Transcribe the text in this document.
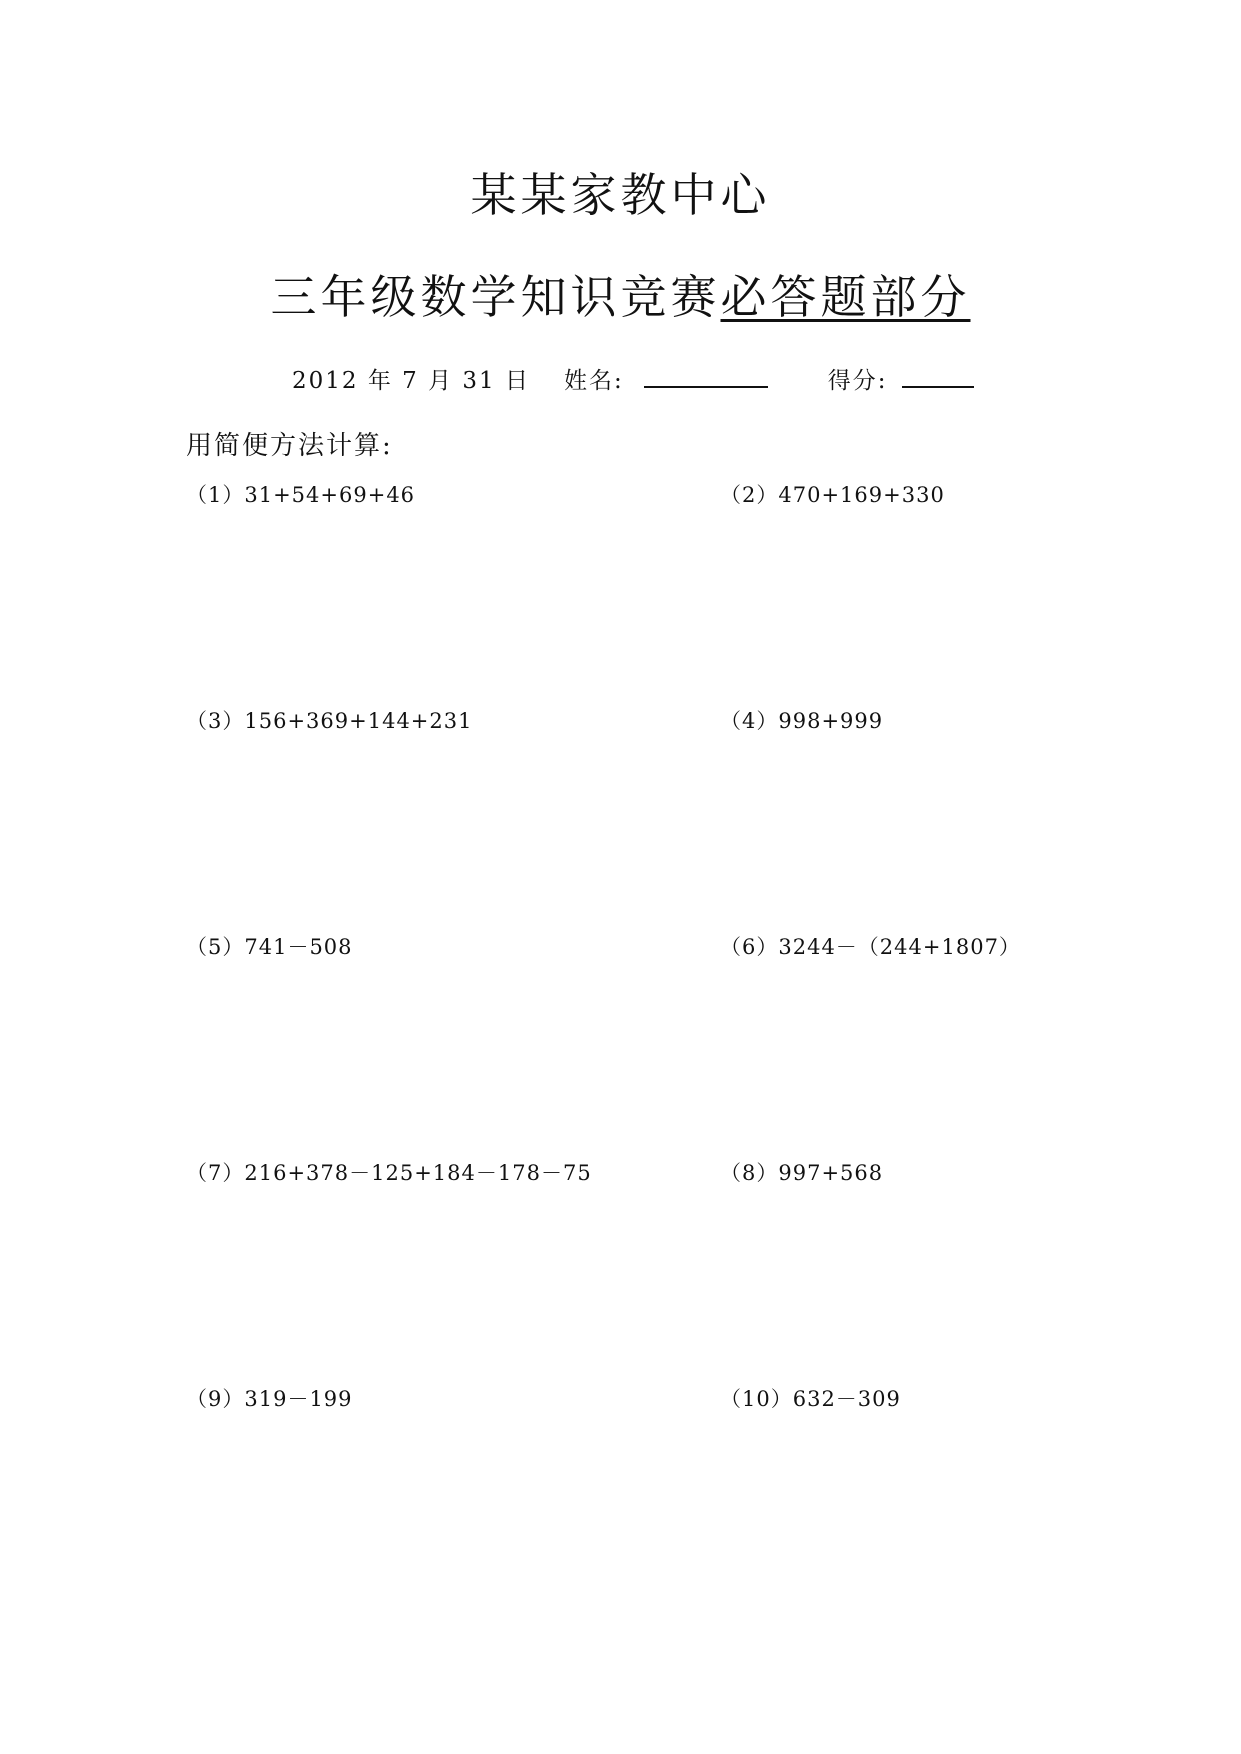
某某家教中心
三年级数学知识竞赛必答题部分
2012 年 7 月 31 日 姓名:	得分:
用简便方法计算:
（1）31+54+69+46	（2）470+169+330
（3）156+369+144+231	（4）998+999
（5）741－508	（6）3244－（244+1807）
（7）216+378－125+184－178－75	（8）997+568
（9）319－199	（10）632－309
